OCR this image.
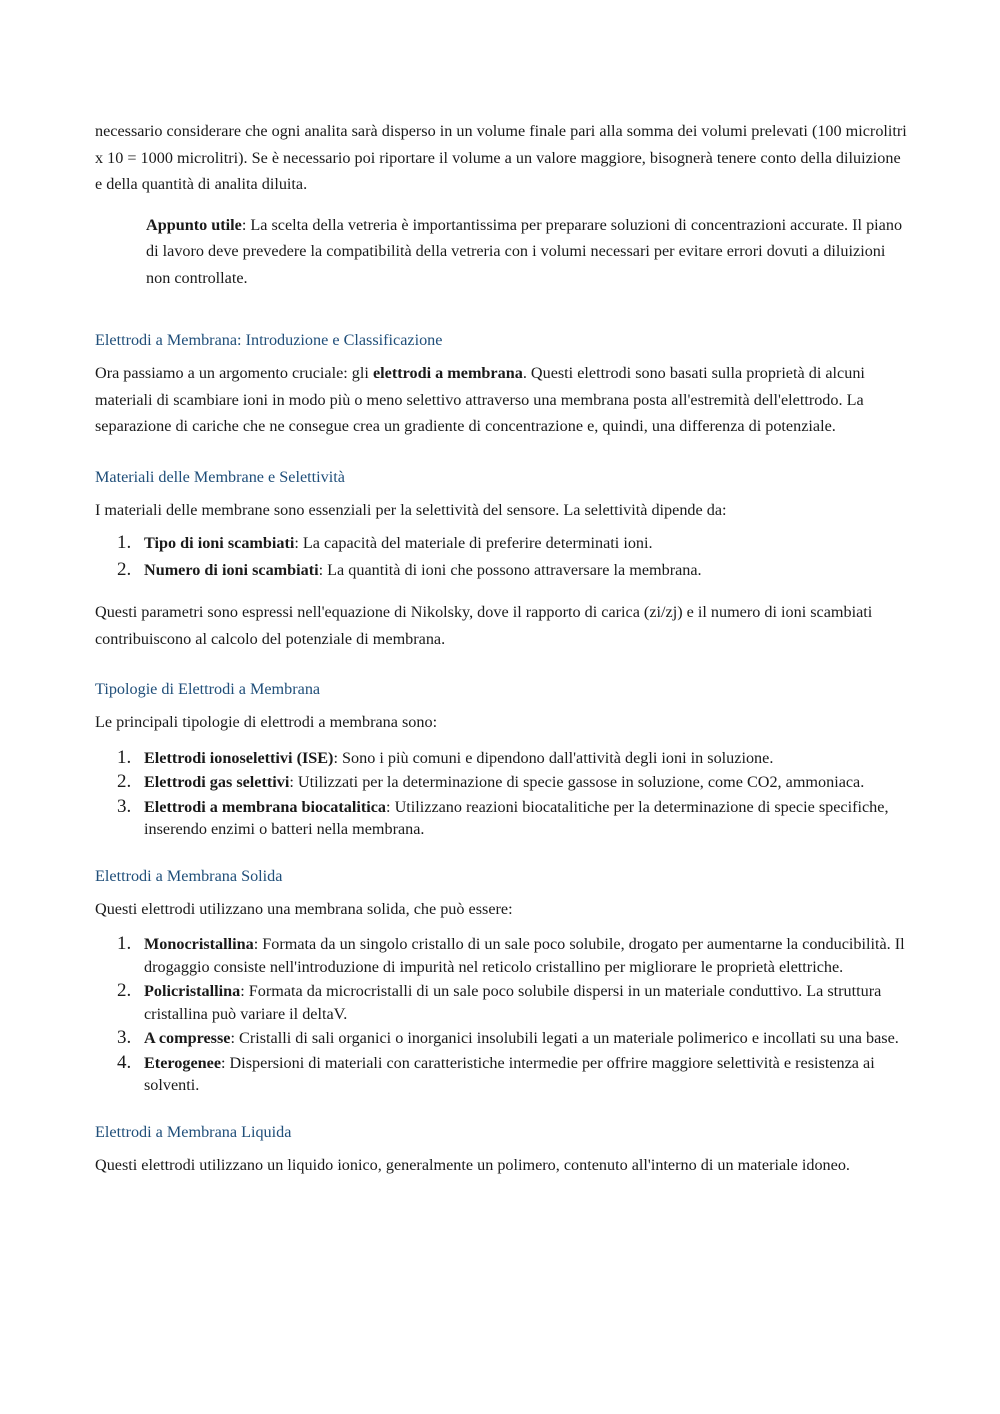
necessario considerare che ogni analita sarà disperso in un volume finale pari alla somma dei volumi prelevati (100 microlitri x 10 = 1000 microlitri). Se è necessario poi riportare il volume a un valore maggiore, bisognerà tenere conto della diluizione e della quantità di analita diluita.

Appunto utile: La scelta della vetreria è importantissima per preparare soluzioni di concentrazioni accurate. Il piano di lavoro deve prevedere la compatibilità della vetreria con i volumi necessari per evitare errori dovuti a diluizioni non controllate.

Elettrodi a Membrana: Introduzione e Classificazione

Ora passiamo a un argomento cruciale: gli elettrodi a membrana. Questi elettrodi sono basati sulla proprietà di alcuni materiali di scambiare ioni in modo più o meno selettivo attraverso una membrana posta all'estremità dell'elettrodo. La separazione di cariche che ne consegue crea un gradiente di concentrazione e, quindi, una differenza di potenziale.

Materiali delle Membrane e Selettività

I materiali delle membrane sono essenziali per la selettività del sensore. La selettività dipende da:

1. Tipo di ioni scambiati: La capacità del materiale di preferire determinati ioni.
2. Numero di ioni scambiati: La quantità di ioni che possono attraversare la membrana.

Questi parametri sono espressi nell'equazione di Nikolsky, dove il rapporto di carica (zi/zj) e il numero di ioni scambiati contribuiscono al calcolo del potenziale di membrana.

Tipologie di Elettrodi a Membrana

Le principali tipologie di elettrodi a membrana sono:

1. Elettrodi ionoselettivi (ISE): Sono i più comuni e dipendono dall'attività degli ioni in soluzione.
2. Elettrodi gas selettivi: Utilizzati per la determinazione di specie gassose in soluzione, come CO2, ammoniaca.
3. Elettrodi a membrana biocatalitica: Utilizzano reazioni biocatalitiche per la determinazione di specie specifiche, inserendo enzimi o batteri nella membrana.
Elettrodi a Membrana Solida

Questi elettrodi utilizzano una membrana solida, che può essere:

1. Monocristallina: Formata da un singolo cristallo di un sale poco solubile, drogato per aumentarne la conducibilità. Il drogaggio consiste nell'introduzione di impurità nel reticolo cristallino per migliorare le proprietà elettriche.
2. Policristallina: Formata da microcristalli di un sale poco solubile dispersi in un materiale conduttivo. La struttura cristallina può variare il deltaV.
3. A compresse: Cristalli di sali organici o inorganici insolubili legati a un materiale polimerico e incollati su una base.
4. Eterogenee: Dispersioni di materiali con caratteristiche intermedie per offrire maggiore selettività e resistenza ai solventi.
Elettrodi a Membrana Liquida

Questi elettrodi utilizzano un liquido ionico, generalmente un polimero, contenuto all'interno di un materiale idoneo.
